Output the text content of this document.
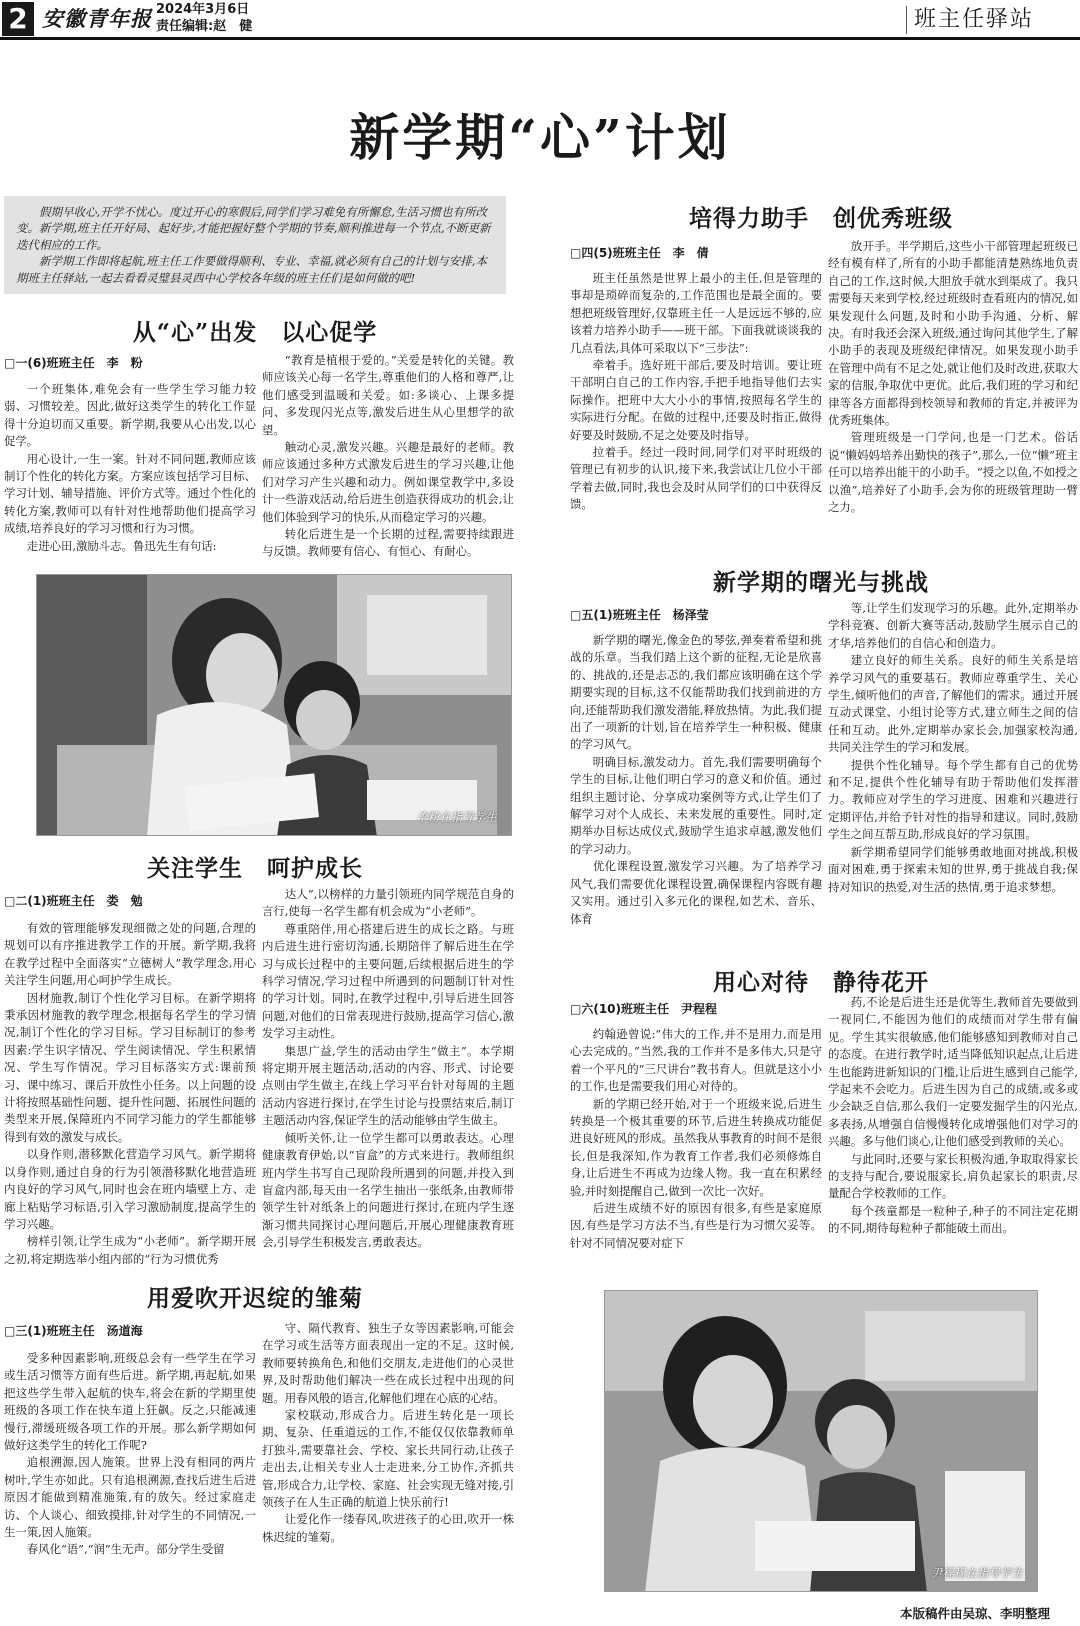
2 安徽青年报 2024年3月6日
责任编辑:赵　健	班主任驿站
新学期“心”计划

假期早收心,开学不忧心。度过开心的寒假后,同学们学习难免有所懈怠,生活习惯也有所改变。新学期,班主任开好局、起好步,才能把握好整个学期的节奏,顺利推进每一个节点,不断更新迭代相应的工作。

新学期工作即将起航,班主任工作要做得顺利、专业、幸福,就必须有自己的计划与安排,本期班主任驿站,一起去看看灵璧县灵西中心学校各年级的班主任们是如何做的吧!

从“心”出发　以心促学
□一(6)班班主任　李　粉

一个班集体,难免会有一些学生学习能力较弱、习惯较差。因此,做好这类学生的转化工作显得十分迫切而又重要。新学期,我要从心出发,以心促学。

用心设计,一生一案。针对不同问题,教师应该制订个性化的转化方案。方案应该包括学习目标、学习计划、辅导措施、评价方式等。通过个性化的转化方案,教师可以有针对性地帮助他们提高学习成绩,培养良好的学习习惯和行为习惯。

走进心田,激励斗志。鲁迅先生有句话:

“教育是植根于爱的。”关爱是转化的关键。教师应该关心每一名学生,尊重他们的人格和尊严,让他们感受到温暖和关爱。如:多谈心、上课多提问、多发现闪光点等,激发后进生从心里想学的欲望。

触动心灵,激发兴趣。兴趣是最好的老师。教师应该通过多种方式激发后进生的学习兴趣,让他们对学习产生兴趣和动力。例如课堂教学中,多设计一些游戏活动,给后进生创造获得成功的机会,让他们体验到学习的快乐,从而稳定学习的兴趣。

转化后进生是一个长期的过程,需要持续跟进与反馈。教师要有信心、有恒心、有耐心。

李粉在指导学生
关注学生　呵护成长
□二(1)班班主任　娄　勉

有效的管理能够发现细微之处的问题,合理的规划可以有序推进教学工作的开展。新学期,我将在教学过程中全面落实“立德树人”教学理念,用心关注学生问题,用心呵护学生成长。

因材施教,制订个性化学习目标。在新学期将秉承因材施教的教学理念,根据每名学生的学习情况,制订个性化的学习目标。学习目标制订的参考因素:学生识字情况、学生阅读情况、学生积累情况、学生写作情况。学习目标落实方式:课前预习、课中练习、课后开放性小任务。以上问题的设计将按照基础性问题、提升性问题、拓展性问题的类型来开展,保障班内不同学习能力的学生都能够得到有效的激发与成长。

以身作则,潜移默化营造学习风气。新学期将以身作则,通过自身的行为引领潜移默化地营造班内良好的学习风气,同时也会在班内墙壁上方、走廊上粘贴学习标语,引入学习激励制度,提高学生的学习兴趣。

榜样引领,让学生成为“小老师”。新学期开展之初,将定期选举小组内部的“行为习惯优秀

达人”,以榜样的力量引领班内同学规范自身的言行,使每一名学生都有机会成为“小老师”。

尊重陪伴,用心搭建后进生的成长之路。与班内后进生进行密切沟通,长期陪伴了解后进生在学习与成长过程中的主要问题,后续根据后进生的学科学习情况,学习过程中所遇到的问题制订针对性的学习计划。同时,在教学过程中,引导后进生回答问题,对他们的日常表现进行鼓励,提高学习信心,激发学习主动性。

集思广益,学生的活动由学生“做主”。本学期将定期开展主题活动,活动的内容、形式、讨论要点则由学生做主,在线上学习平台针对每周的主题活动内容进行探讨,在学生讨论与投票结束后,制订主题活动内容,保证学生的活动能够由学生做主。

倾听关怀,让一位学生都可以勇敢表达。心理健康教育伊始,以“盲盒”的方式来进行。教师组织班内学生书写自己现阶段所遇到的问题,并投入到盲盒内部,每天由一名学生抽出一张纸条,由教师带领学生针对纸条上的问题进行探讨,在班内学生逐渐习惯共同探讨心理问题后,开展心理健康教育班会,引导学生积极发言,勇敢表达。

用爱吹开迟绽的雏菊
□三(1)班班主任　汤道海

受多种因素影响,班级总会有一些学生在学习或生活习惯等方面有些后进。新学期,再起航,如果把这些学生带入起航的快车,将会在新的学期里使班级的各项工作在快车道上狂飙。反之,只能减速慢行,滞缓班级各项工作的开展。那么新学期如何做好这类学生的转化工作呢?

追根溯源,因人施策。世界上没有相同的两片树叶,学生亦如此。只有追根溯源,查找后进生后进原因才能做到精准施策,有的放矢。经过家庭走访、个人谈心、细致摸排,针对学生的不同情况,一生一策,因人施策。

春风化“语”,“润”生无声。部分学生受留

守、隔代教育、独生子女等因素影响,可能会在学习或生活等方面表现出一定的不足。这时候,教师要转换角色,和他们交朋友,走进他们的心灵世界,及时帮助他们解决一些在成长过程中出现的问题。用春风般的语言,化解他们埋在心底的心结。

家校联动,形成合力。后进生转化是一项长期、复杂、任重道远的工作,不能仅仅依靠教师单打独斗,需要靠社会、学校、家长共同行动,让孩子走出去,让相关专业人士走进来,分工协作,齐抓共管,形成合力,让学校、家庭、社会实现无缝对接,引领孩子在人生正确的航道上快乐前行!

让爱化作一缕春风,吹进孩子的心田,吹开一株株迟绽的雏菊。

培得力助手　创优秀班级
□四(5)班班主任　李　倩

班主任虽然是世界上最小的主任,但是管理的事却是琐碎而复杂的,工作范围也是最全面的。要想把班级管理好,仅靠班主任一人是远远不够的,应该着力培养小助手——班干部。下面我就谈谈我的几点看法,具体可采取以下“三步法”:

牵着手。选好班干部后,要及时培训。要让班干部明白自己的工作内容,手把手地指导他们去实际操作。把班中大大小小的事情,按照每名学生的实际进行分配。在做的过程中,还要及时指正,做得好要及时鼓励,不足之处要及时指导。

拉着手。经过一段时间,同学们对平时班级的管理已有初步的认识,接下来,我尝试让几位小干部学着去做,同时,我也会及时从同学们的口中获得反馈。

放开手。半学期后,这些小干部管理起班级已经有模有样了,所有的小助手都能清楚熟练地负责自己的工作,这时候,大胆放手就水到渠成了。我只需要每天来到学校,经过班级时查看班内的情况,如果发现什么问题,及时和小助手沟通、分析、解决。有时我还会深入班级,通过询问其他学生,了解小助手的表现及班级纪律情况。如果发现小助手在管理中尚有不足之处,就让他们及时改进,获取大家的信服,争取优中更优。此后,我们班的学习和纪律等各方面都得到校领导和教师的肯定,并被评为优秀班集体。

管理班级是一门学问,也是一门艺术。俗话说“懒妈妈培养出勤快的孩子”,那么,一位“懒”班主任可以培养出能干的小助手。“授之以鱼,不如授之以渔”,培养好了小助手,会为你的班级管理助一臂之力。

新学期的曙光与挑战
□五(1)班班主任　杨泽莹

新学期的曙光,像金色的琴弦,弹奏着希望和挑战的乐章。当我们踏上这个新的征程,无论是欣喜的、挑战的,还是忐忑的,我们都应该明确在这个学期要实现的目标,这不仅能帮助我们找到前进的方向,还能帮助我们激发潜能,释放热情。为此,我们提出了一项新的计划,旨在培养学生一种积极、健康的学习风气。

明确目标,激发动力。首先,我们需要明确每个学生的目标,让他们明白学习的意义和价值。通过组织主题讨论、分享成功案例等方式,让学生们了解学习对个人成长、未来发展的重要性。同时,定期举办目标达成仪式,鼓励学生追求卓越,激发他们的学习动力。

优化课程设置,激发学习兴趣。为了培养学习风气,我们需要优化课程设置,确保课程内容既有趣又实用。通过引入多元化的课程,如艺术、音乐、体育

等,让学生们发现学习的乐趣。此外,定期举办学科竞赛、创新大赛等活动,鼓励学生展示自己的才华,培养他们的自信心和创造力。

建立良好的师生关系。良好的师生关系是培养学习风气的重要基石。教师应尊重学生、关心学生,倾听他们的声音,了解他们的需求。通过开展互动式课堂、小组讨论等方式,建立师生之间的信任和互动。此外,定期举办家长会,加强家校沟通,共同关注学生的学习和发展。

提供个性化辅导。每个学生都有自己的优势和不足,提供个性化辅导有助于帮助他们发挥潜力。教师应对学生的学习进度、困难和兴趣进行定期评估,并给予针对性的指导和建议。同时,鼓励学生之间互帮互助,形成良好的学习氛围。

新学期希望同学们能够勇敢地面对挑战,积极面对困难,勇于探索未知的世界,勇于挑战自我;保持对知识的热爱,对生活的热情,勇于追求梦想。

用心对待　静待花开
□六(10)班班主任　尹程程

约翰逊曾说:“伟大的工作,并不是用力,而是用心去完成的。”当然,我的工作并不是多伟大,只是守着一个平凡的“三尺讲台”教书育人。但就是这小小的工作,也是需要我们用心对待的。

新的学期已经开始,对于一个班级来说,后进生转换是一个极其重要的环节,后进生转换成功能促进良好班风的形成。虽然我从事教育的时间不是很长,但是我深知,作为教育工作者,我们必须修炼自身,让后进生不再成为边缘人物。我一直在积累经验,并时刻提醒自己,做到一次比一次好。

后进生成绩不好的原因有很多,有些是家庭原因,有些是学习方法不当,有些是行为习惯欠妥等。针对不同情况要对症下

药,不论是后进生还是优等生,教师首先要做到一视同仁,不能因为他们的成绩而对学生带有偏见。学生其实很敏感,他们能够感知到教师对自己的态度。在进行教学时,适当降低知识起点,让后进生也能跨进新知识的门槛,让后进生感到自己能学,学起来不会吃力。后进生因为自己的成绩,或多或少会缺乏自信,那么我们一定要发掘学生的闪光点,多表扬,从增强自信慢慢转化成增强他们对学习的兴趣。多与他们谈心,让他们感受到教师的关心。

与此同时,还要与家长积极沟通,争取取得家长的支持与配合,要说服家长,肩负起家长的职责,尽量配合学校教师的工作。

每个孩童都是一粒种子,种子的不同注定花期的不同,期待每粒种子都能破土而出。

尹程程在指导学生
本版稿件由吴琼、李明整理
